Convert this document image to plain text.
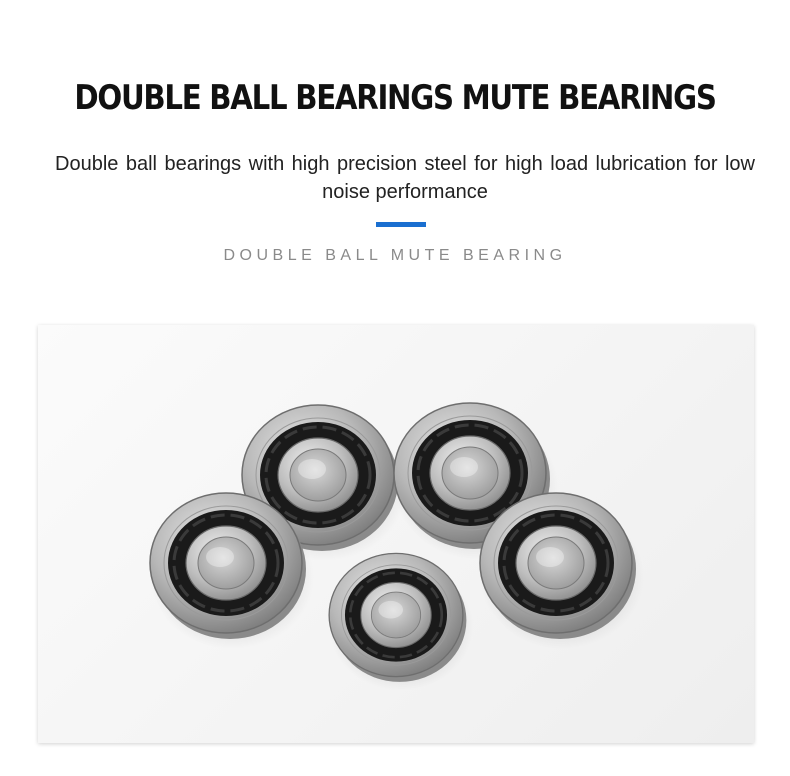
DOUBLE BALL BEARINGS MUTE BEARINGS

Double ball bearings with high precision steel for high load lubrication for low noise performance

DOUBLE BALL MUTE BEARING
